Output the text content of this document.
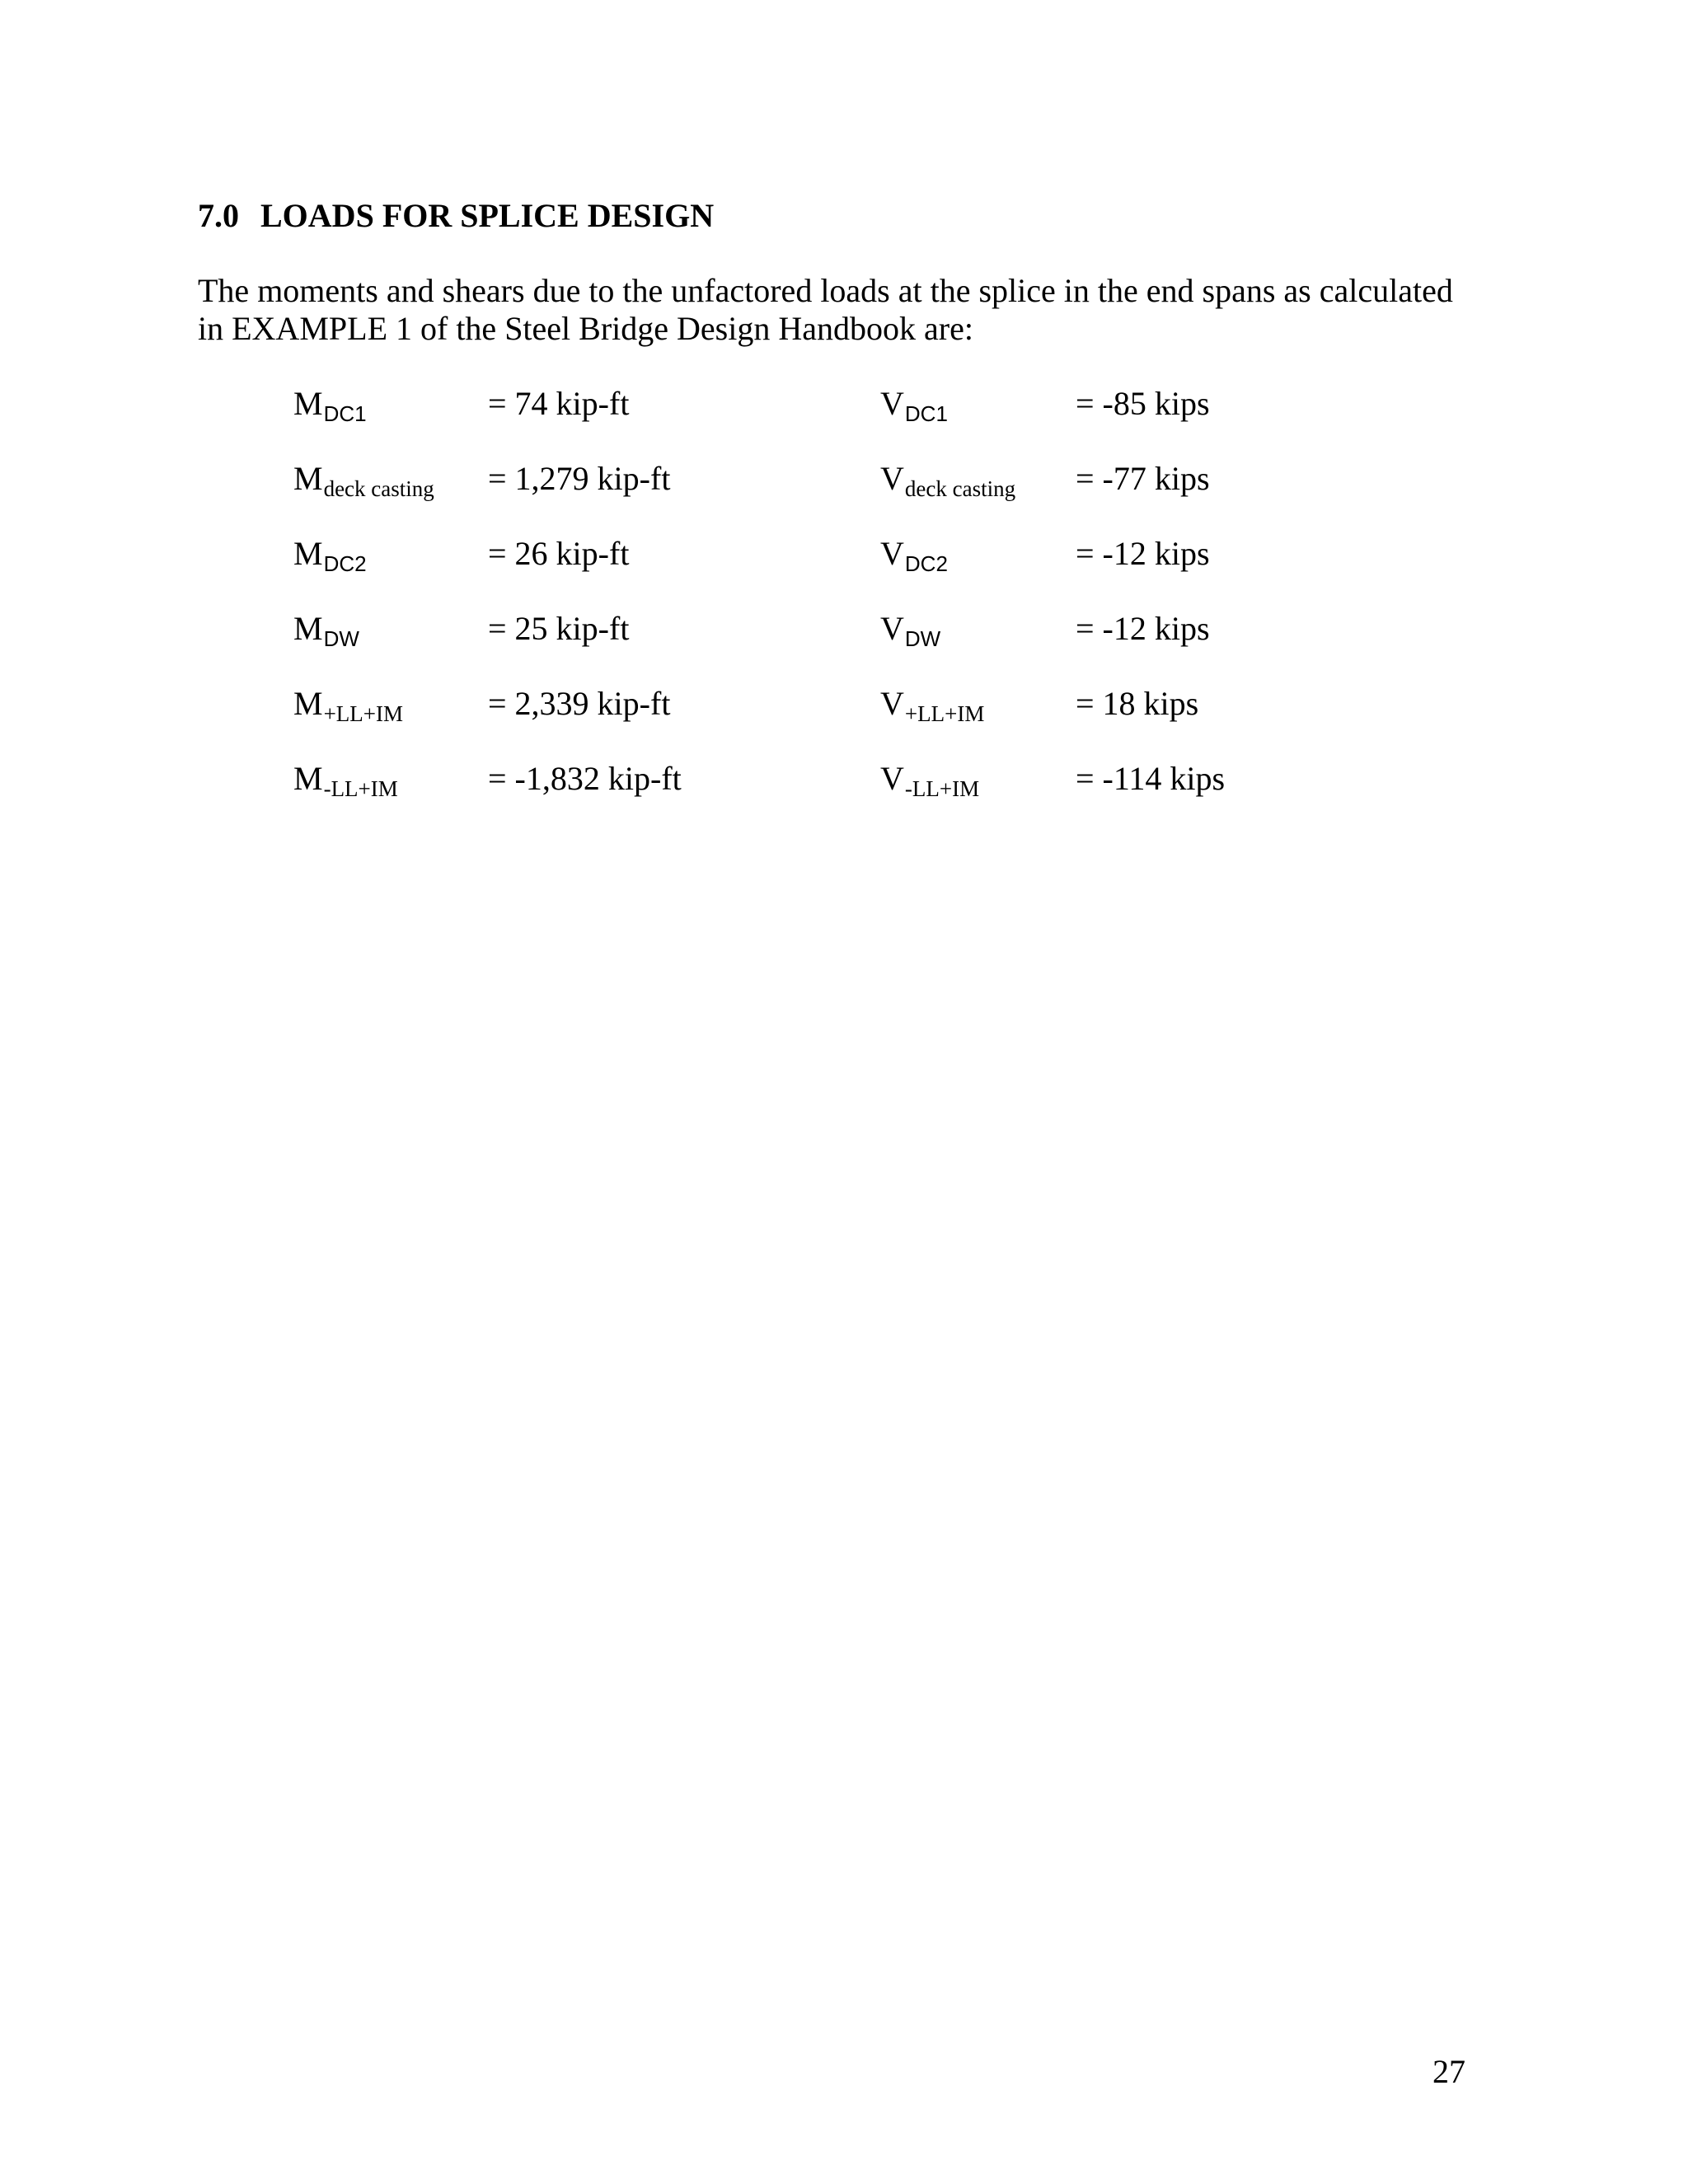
7.0 LOADS FOR SPLICE DESIGN
The moments and shears due to the unfactored loads at the splice in the end spans as calculated
in EXAMPLE 1 of the Steel Bridge Design Handbook are:
$M_{DC1}$	= 74 kip-ft	$V_{DC1}$	= -85 kips
$M_{deck casting} = 1,279$ kip-ft	$V_{deck casting} = -77$ kips
$M_{DC2}$	= 26 kip-ft	$V_{DC2}$	= -12 kips
$M_{DW}$	= 25 kip-ft	$V_{DW}$	= -12 kips
$M_{+LL+IM}$	= 2,339 kip-ft	$V_{+LL+IM}$	= 18 kips
$M_{-LL+IM}$	= -1,832 kip-ft	$V_{-LL+IM}$	= -114 kips
27
